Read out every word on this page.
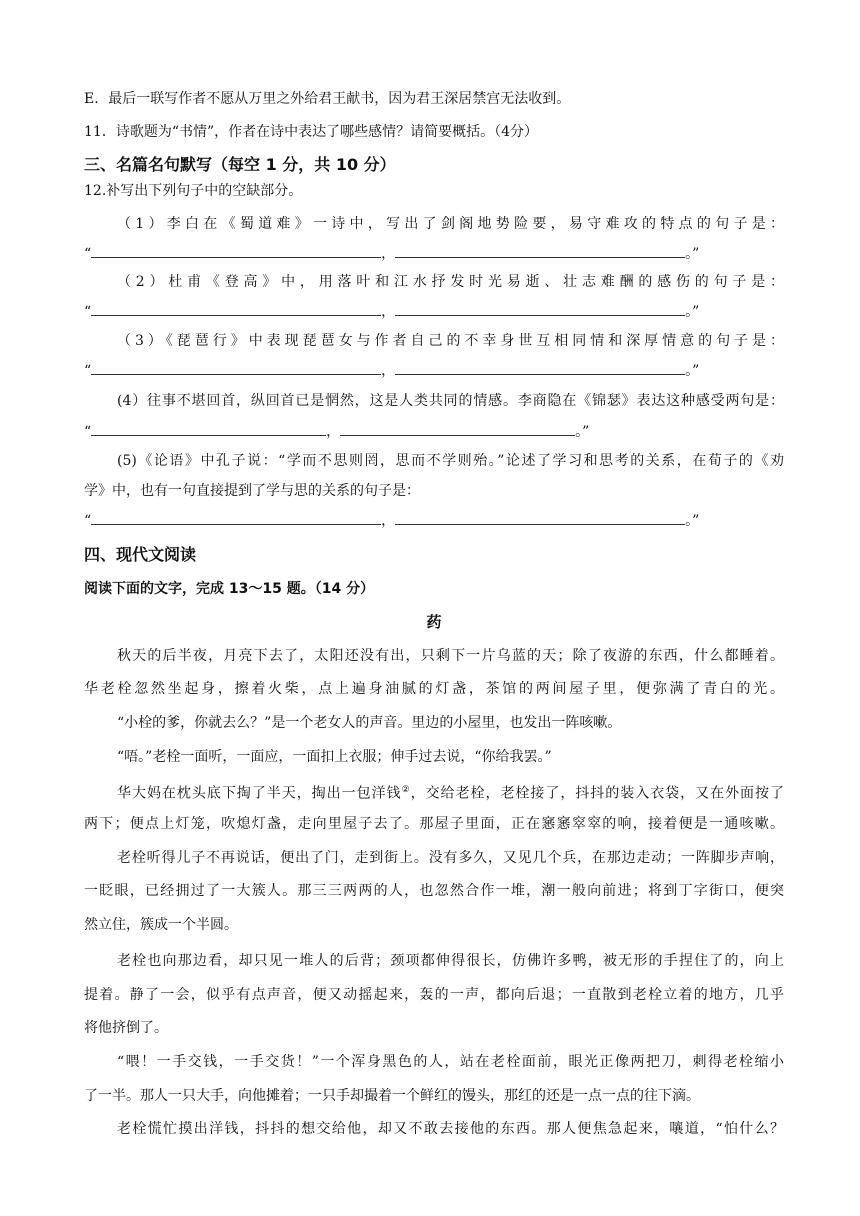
E．最后一联写作者不愿从万里之外给君王献书，因为君王深居禁宫无法收到。
11．诗歌题为“书情”，作者在诗中表达了哪些感情？请简要概括。（4分）
三、名篇名句默写（每空 1 分，共 10 分）
12.补写出下列句子中的空缺部分。
（1）李白在《蜀道难》一诗中，写出了剑阁地势险要，易守难攻的特点的句子是：
“	，	。”
（2）杜甫《登高》中，用落叶和江水抒发时光易逝、壮志难酬的感伤的句子是：
“	，	。”
（3）《琵琶行》中表现琵琶女与作者自己的不幸身世互相同情和深厚情意的句子是：
“	，	。”
(4）往事不堪回首，纵回首已是惘然，这是人类共同的情感。李商隐在《锦瑟》表达这种感受两句是：
“	，	。”
(5)《论语》中孔子说：“学而不思则罔，思而不学则殆。”论述了学习和思考的关系，在荀子的《劝
学》中，也有一句直接提到了学与思的关系的句子是：
“	，	。”
四、现代文阅读
阅读下面的文字，完成 13～15 题。（14 分）
药
秋天的后半夜，月亮下去了，太阳还没有出，只剩下一片乌蓝的天；除了夜游的东西，什么都睡着。
华老栓忽然坐起身，擦着火柴，点上遍身油腻的灯盏，茶馆的两间屋子里，便弥满了青白的光。
“小栓的爹，你就去么？”是一个老女人的声音。里边的小屋里，也发出一阵咳嗽。
“唔。”老栓一面听，一面应，一面扣上衣服；伸手过去说，“你给我罢。”
华大妈在枕头底下掏了半天，掏出一包洋钱②，交给老栓，老栓接了，抖抖的装入衣袋，又在外面按了
两下；便点上灯笼，吹熄灯盏，走向里屋子去了。那屋子里面，正在窸窸窣窣的响，接着便是一通咳嗽。
老栓听得儿子不再说话，便出了门，走到街上。没有多久，又见几个兵，在那边走动；一阵脚步声响，
一眨眼，已经拥过了一大簇人。那三三两两的人，也忽然合作一堆，潮一般向前进；将到丁字街口，便突
然立住，簇成一个半圆。
老栓也向那边看，却只见一堆人的后背；颈项都伸得很长，仿佛许多鸭，被无形的手捏住了的，向上
提着。静了一会，似乎有点声音，便又动摇起来，轰的一声，都向后退；一直散到老栓立着的地方，几乎
将他挤倒了。
“喂！一手交钱，一手交货！”一个浑身黑色的人，站在老栓面前，眼光正像两把刀，刺得老栓缩小
了一半。那人一只大手，向他摊着；一只手却撮着一个鲜红的馒头，那红的还是一点一点的往下滴。
老栓慌忙摸出洋钱，抖抖的想交给他，却又不敢去接他的东西。那人便焦急起来，嚷道，“怕什么？
